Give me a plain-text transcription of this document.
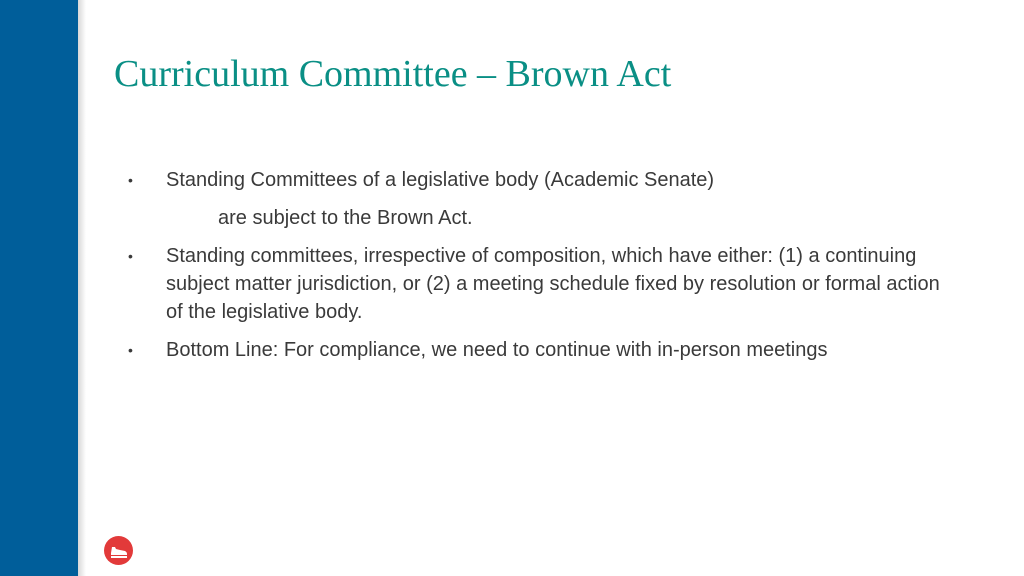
Curriculum Committee – Brown Act
• Standing Committees of a legislative body (Academic Senate)
are subject to the Brown Act.
• Standing committees, irrespective of composition, which have either: (1) a continuing subject matter jurisdiction, or (2) a meeting schedule fixed by resolution or formal action of the legislative body.
• Bottom Line: For compliance, we need to continue with in-person meetings
